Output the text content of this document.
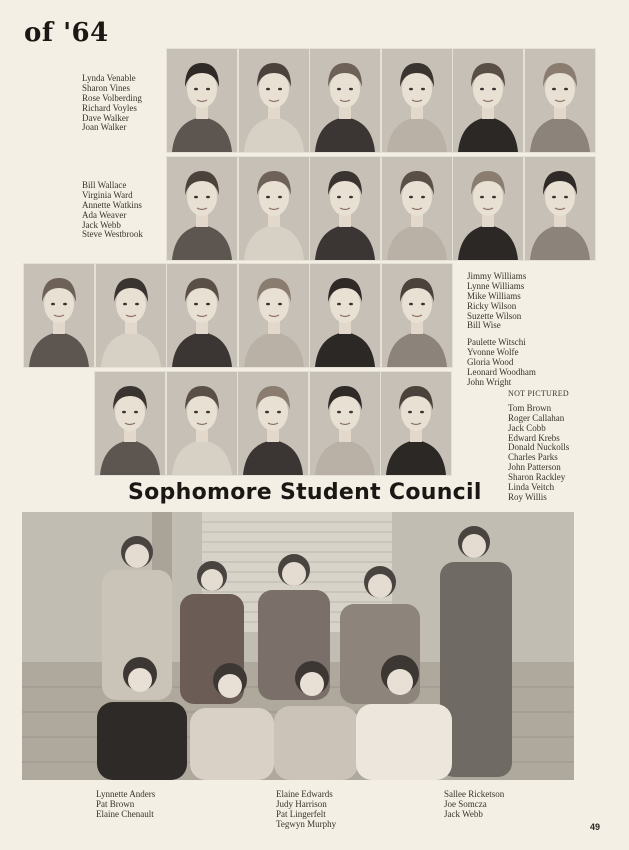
of '64
Lynda Venable
Sharon Vines
Rose Volberding
Richard Voyles
Dave Walker
Joan Walker
Bill Wallace
Virginia Ward
Annette Watkins
Ada Weaver
Jack Webb
Steve Westbrook
Jimmy Williams
Lynne Williams
Mike Williams
Ricky Wilson
Suzette Wilson
Bill Wise
Paulette Witschi
Yvonne Wolfe
Gloria Wood
Leonard Woodham
John Wright
NOT PICTURED
Tom Brown
Roger Callahan
Jack Cobb
Edward Krebs
Donald Nuckolls
Charles Parks
John Patterson
Sharon Rackley
Linda Veitch
Roy Willis
Sophomore Student Council
Lynnette Anders
Pat Brown
Elaine Chenault
Elaine Edwards
Judy Harrison
Pat Lingerfelt
Tegwyn Murphy
Sallee Ricketson
Joe Somcza
Jack Webb
49
